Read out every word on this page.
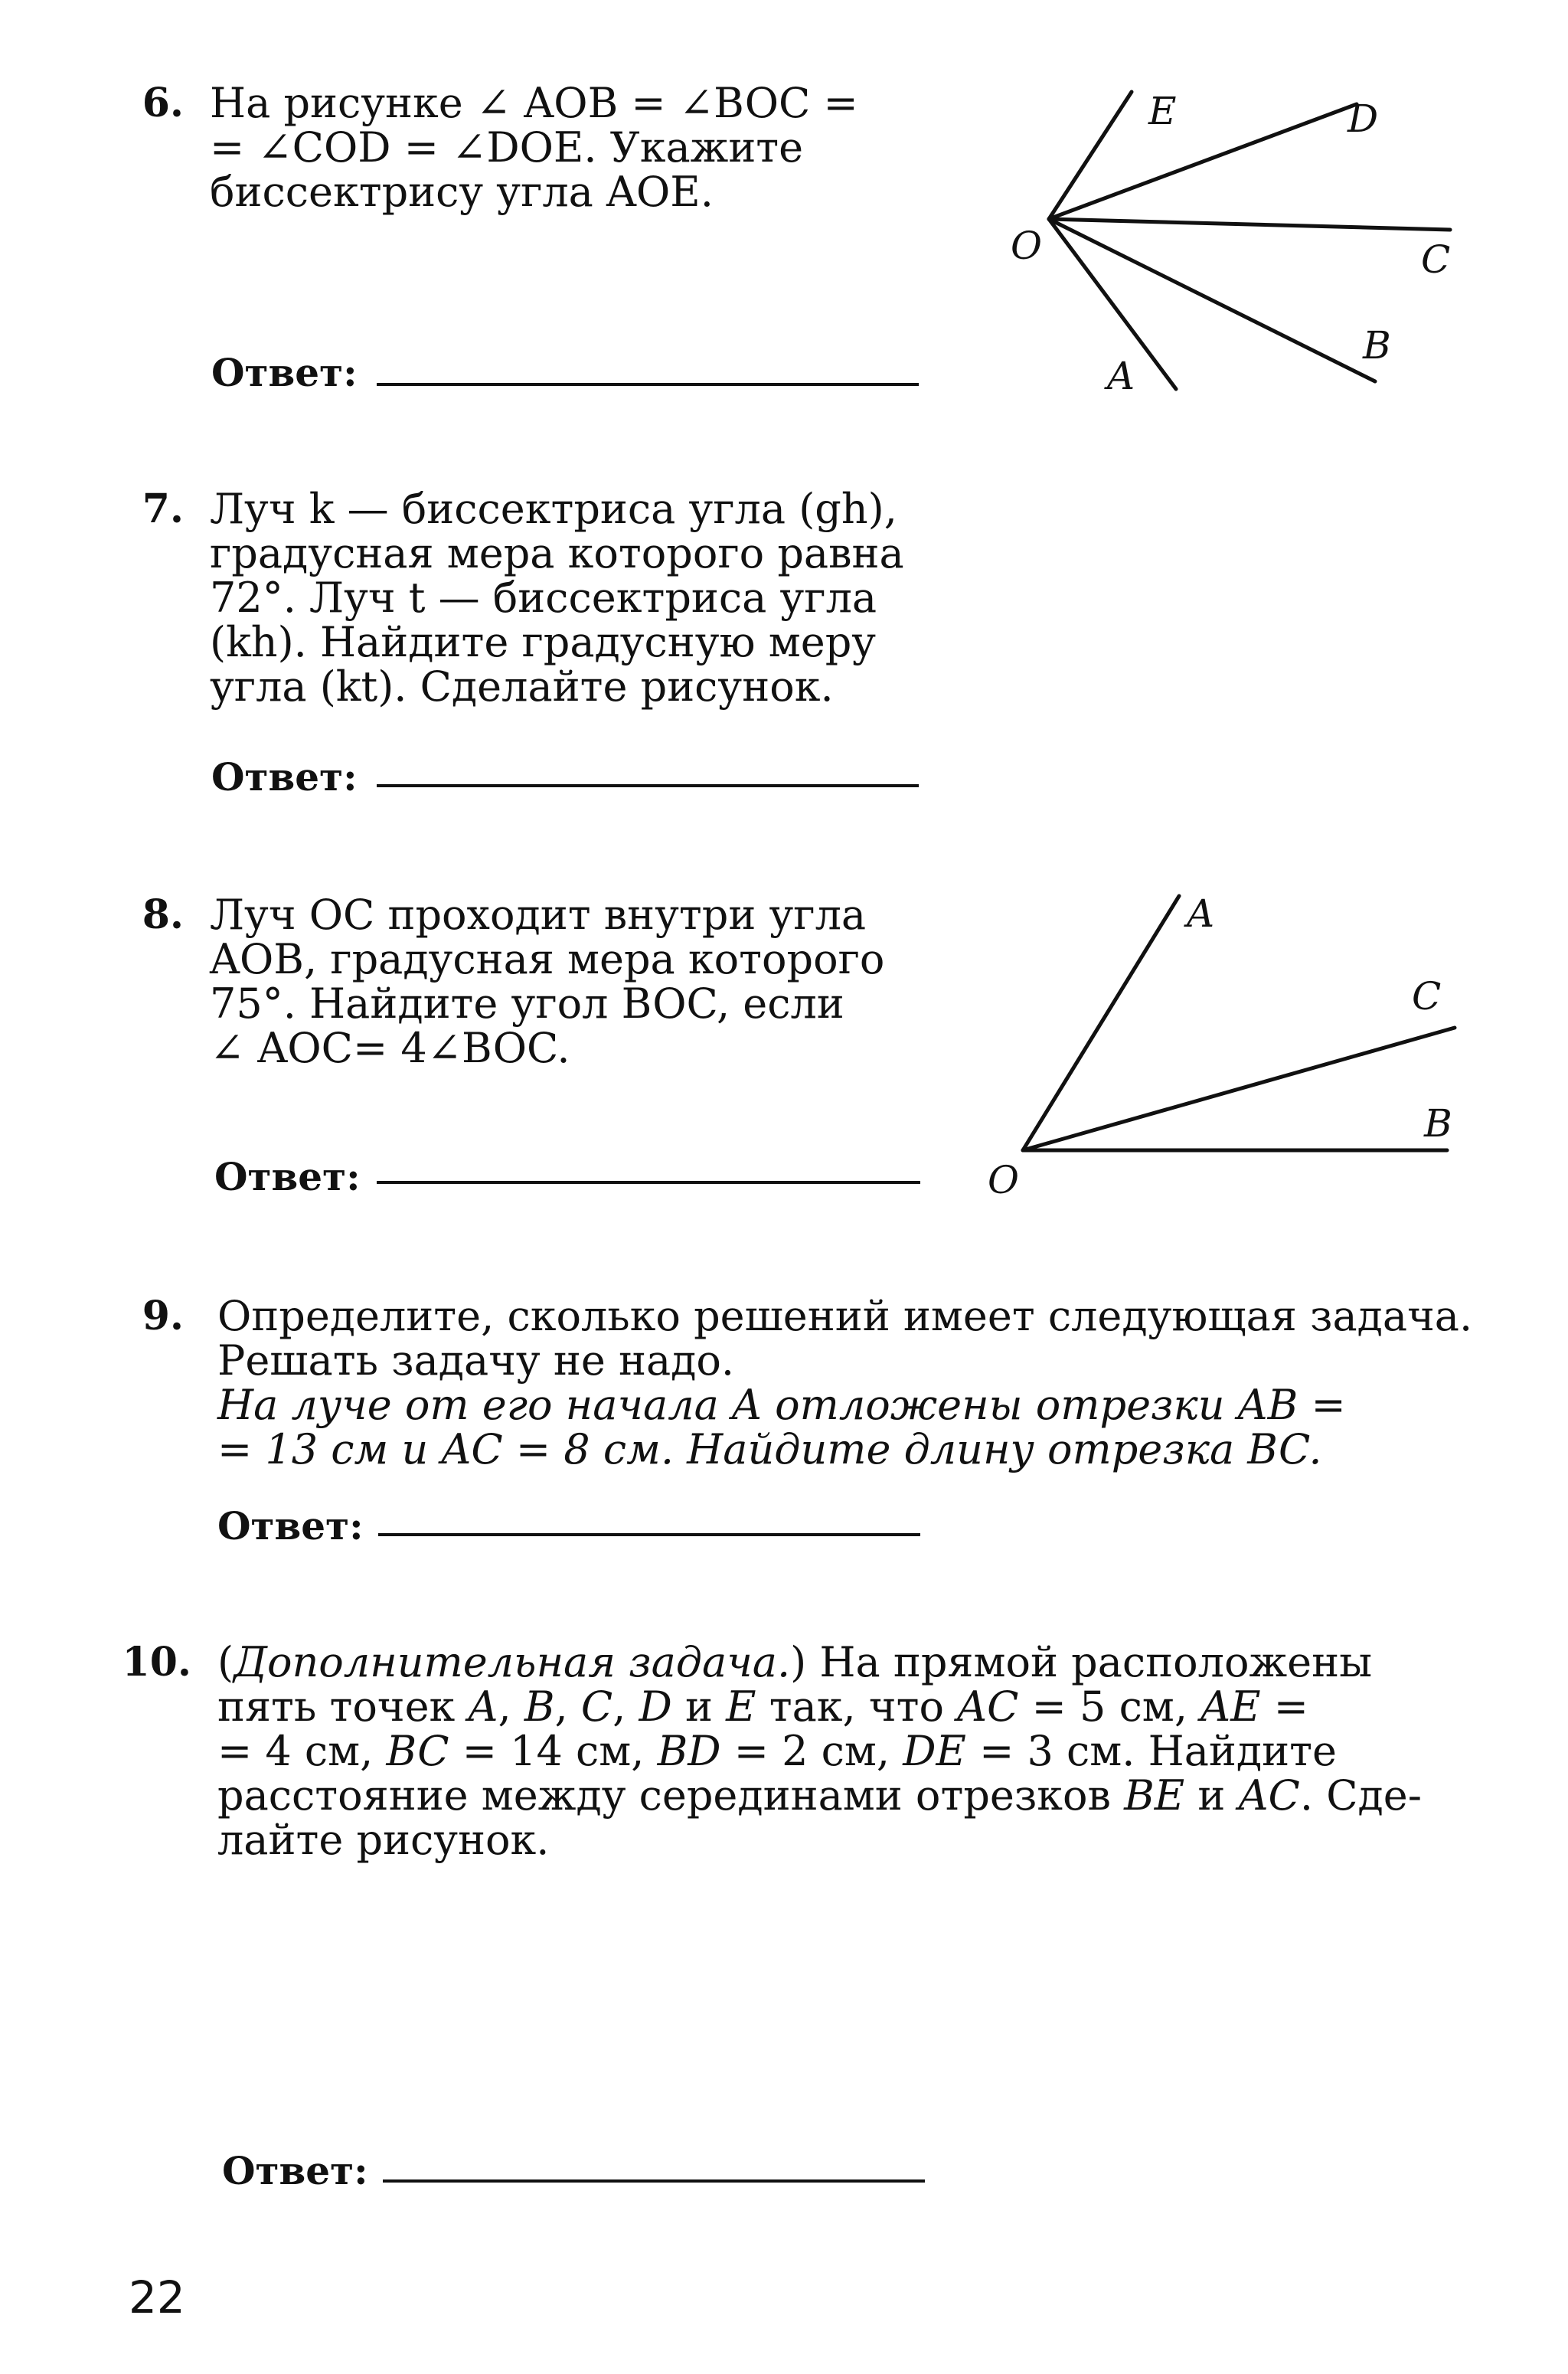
6. На рисунке ∠ AOB = ∠BOC =
= ∠COD = ∠DOE. Укажите
биссектрису угла AOE.
Ответ:
E	D
O	C
B
A
7. Луч k — биссектриса угла (gh),
градусная мера которого равна
72°. Луч t — биссектриса угла
(kh). Найдите градусную меру
угла (kt). Сделайте рисунок.
Ответ:
8. Луч OC проходит внутри угла
AOB, градусная мера которого
75°. Найдите угол BOC, если
∠ AOC= 4∠BOC.
Ответ:
A
C
B
O
9. Определите, сколько решений имеет следующая задача.
Решать задачу не надо.
На луче от его начала A отложены отрезки AB =
= 13 см и AC = 8 см. Найдите длину отрезка BC.
Ответ:
10. (Дополнительная задача.) На прямой расположены
пять точек A, B, C, D и E так, что AC = 5 см, AE =
= 4 см, BC = 14 см, BD = 2 см, DE = 3 см. Найдите
расстояние между серединами отрезков BE и AC. Сде-
лайте рисунок.
Ответ:
22
